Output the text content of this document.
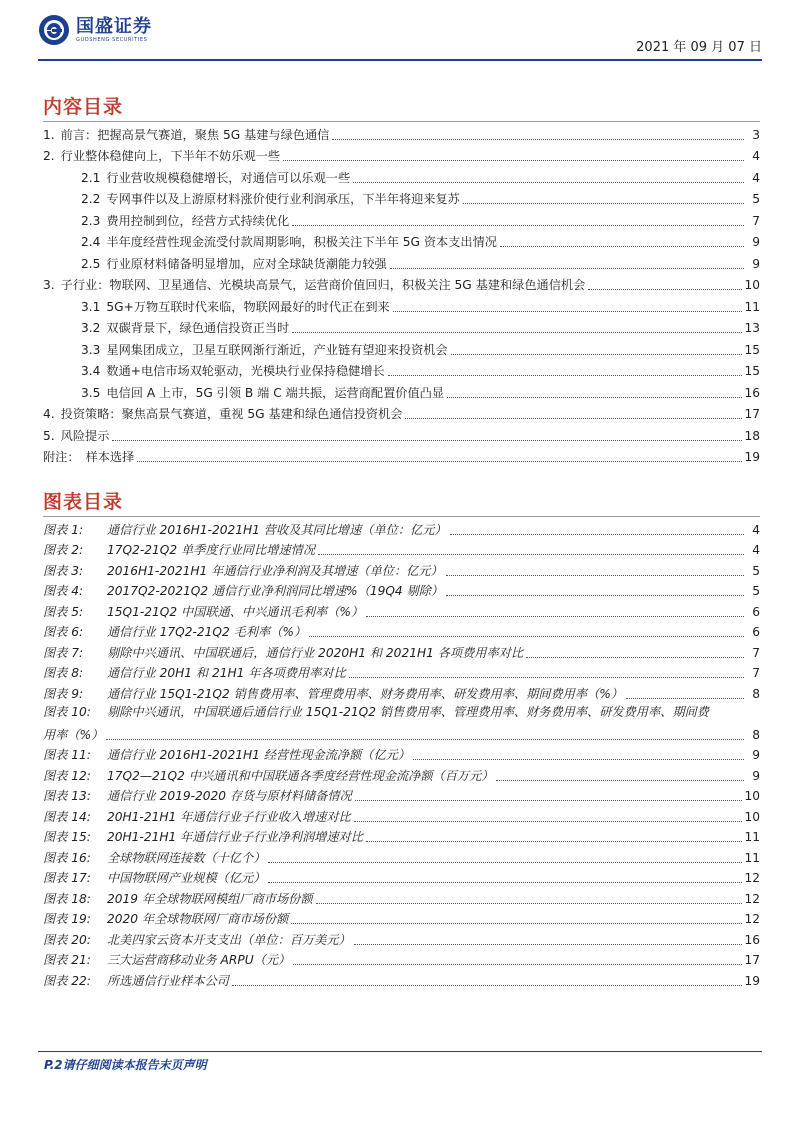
国盛证券
GUOSHENG SECURITIES
2021 年 09 月 07 日
内容目录
1. 前言：把握高景气赛道，聚焦 5G 基建与绿色通信	3
2. 行业整体稳健向上，下半年不妨乐观一些	4
2.1 行业营收规模稳健增长，对通信可以乐观一些	4
2.2 专网事件以及上游原材料涨价使行业利润承压，下半年将迎来复苏	5
2.3 费用控制到位，经营方式持续优化	7
2.4 半年度经营性现金流受付款周期影响，积极关注下半年 5G 资本支出情况	9
2.5 行业原材料储备明显增加，应对全球缺货潮能力较强	9
3. 子行业：物联网、卫星通信、光模块高景气，运营商价值回归，积极关注 5G 基建和绿色通信机会	10
3.1 5G+万物互联时代来临，物联网最好的时代正在到来	11
3.2 双碳背景下，绿色通信投资正当时	13
3.3 星网集团成立，卫星互联网渐行渐近，产业链有望迎来投资机会	15
3.4 数通+电信市场双轮驱动，光模块行业保持稳健增长	15
3.5 电信回 A 上市，5G 引领 B 端 C 端共振，运营商配置价值凸显	16
4. 投资策略：聚焦高景气赛道，重视 5G 基建和绿色通信投资机会	17
5. 风险提示	18
附注： 样本选择	19
图表目录
图表 1:	通信行业 2016H1-2021H1 营收及其同比增速（单位：亿元）	4
图表 2:	17Q2-21Q2 单季度行业同比增速情况	4
图表 3:	2016H1-2021H1 年通信行业净利润及其增速（单位：亿元）	5
图表 4:	2017Q2-2021Q2 通信行业净利润同比增速%（19Q4 剔除）	5
图表 5:	15Q1-21Q2 中国联通、中兴通讯毛利率（%）	6
图表 6:	通信行业 17Q2-21Q2 毛利率（%）	6
图表 7:	剔除中兴通讯、中国联通后，通信行业 2020H1 和 2021H1 各项费用率对比	7
图表 8:	通信行业 20H1 和 21H1 年各项费用率对比	7
图表 9:	通信行业 15Q1-21Q2 销售费用率、管理费用率、财务费用率、研发费用率、期间费用率（%）	8
图表 10:	剔除中兴通讯，中国联通后通信行业 15Q1-21Q2 销售费用率、管理费用率、财务费用率、研发费用率、期间费
用率（%）	8
图表 11:	通信行业 2016H1-2021H1 经营性现金流净额（亿元）	9
图表 12:	17Q2—21Q2 中兴通讯和中国联通各季度经营性现金流净额（百万元）	9
图表 13:	通信行业 2019-2020 存货与原材料储备情况	10
图表 14:	20H1-21H1 年通信行业子行业收入增速对比	10
图表 15:	20H1-21H1 年通信行业子行业净利润增速对比	11
图表 16:	全球物联网连接数（十亿个）	11
图表 17:	中国物联网产业规模（亿元）	12
图表 18:	2019 年全球物联网模组厂商市场份额	12
图表 19:	2020 年全球物联网厂商市场份额	12
图表 20:	北美四家云资本开支支出（单位：百万美元）	16
图表 21:	三大运营商移动业务 ARPU（元）	17
图表 22:	所选通信行业样本公司	19
P.2请仔细阅读本报告末页声明
